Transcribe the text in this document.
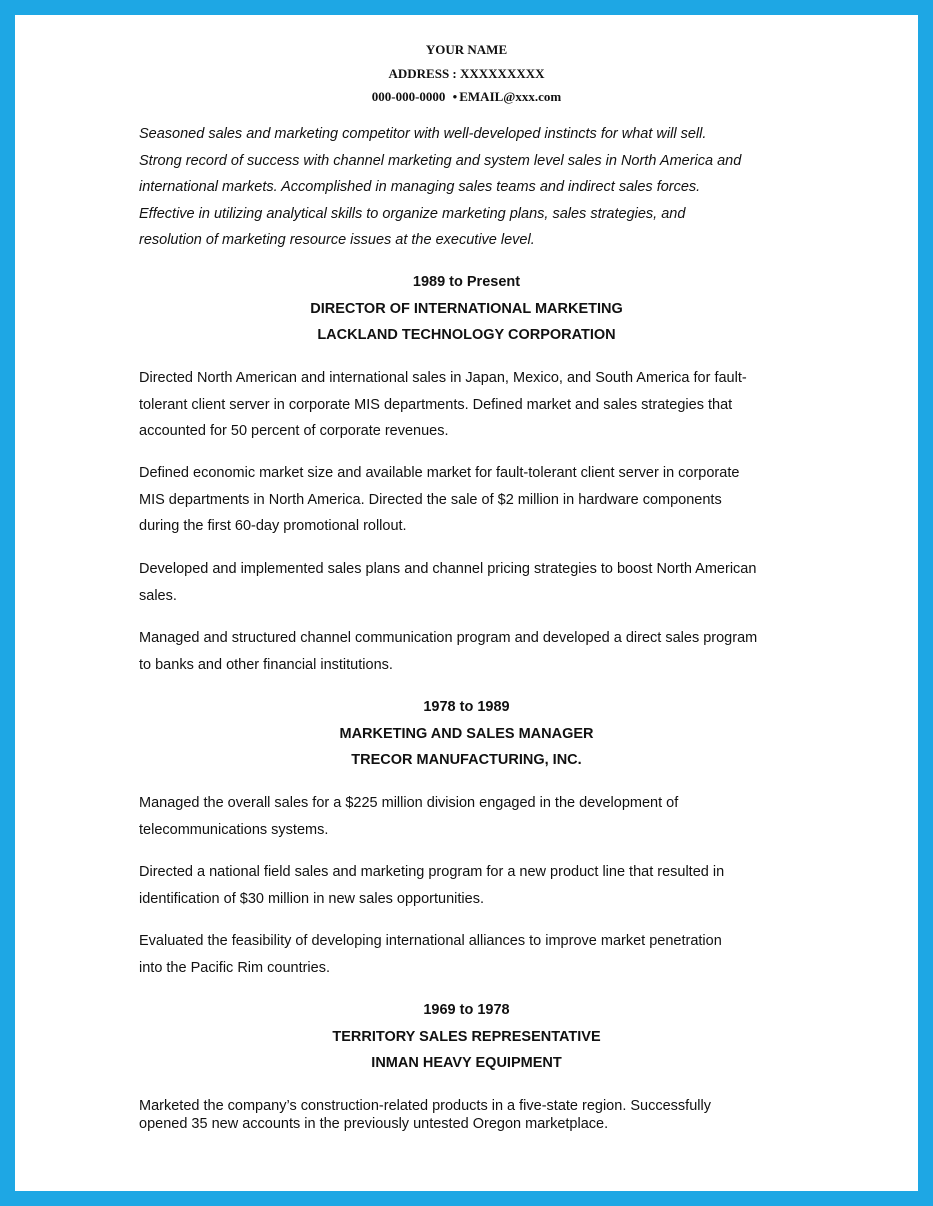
YOUR NAME
ADDRESS : XXXXXXXXX
000-000-0000 • EMAIL@xxx.com

Seasoned sales and marketing competitor with well-developed instincts for what will sell.
Strong record of success with channel marketing and system level sales in North America and
international markets. Accomplished in managing sales teams and indirect sales forces.
Effective in utilizing analytical skills to organize marketing plans, sales strategies, and
resolution of marketing resource issues at the executive level.

1989 to Present
DIRECTOR OF INTERNATIONAL MARKETING
LACKLAND TECHNOLOGY CORPORATION

Directed North American and international sales in Japan, Mexico, and South America for fault-
tolerant client server in corporate MIS departments. Defined market and sales strategies that
accounted for 50 percent of corporate revenues.

Defined economic market size and available market for fault-tolerant client server in corporate
MIS departments in North America. Directed the sale of $2 million in hardware components
during the first 60-day promotional rollout.

Developed and implemented sales plans and channel pricing strategies to boost North American
sales.

Managed and structured channel communication program and developed a direct sales program
to banks and other financial institutions.

1978 to 1989
MARKETING AND SALES MANAGER
TRECOR MANUFACTURING, INC.

Managed the overall sales for a $225 million division engaged in the development of
telecommunications systems.

Directed a national field sales and marketing program for a new product line that resulted in
identification of $30 million in new sales opportunities.

Evaluated the feasibility of developing international alliances to improve market penetration
into the Pacific Rim countries.

1969 to 1978
TERRITORY SALES REPRESENTATIVE
INMAN HEAVY EQUIPMENT

Marketed the company’s construction-related products in a five-state region. Successfully
opened 35 new accounts in the previously untested Oregon marketplace.
